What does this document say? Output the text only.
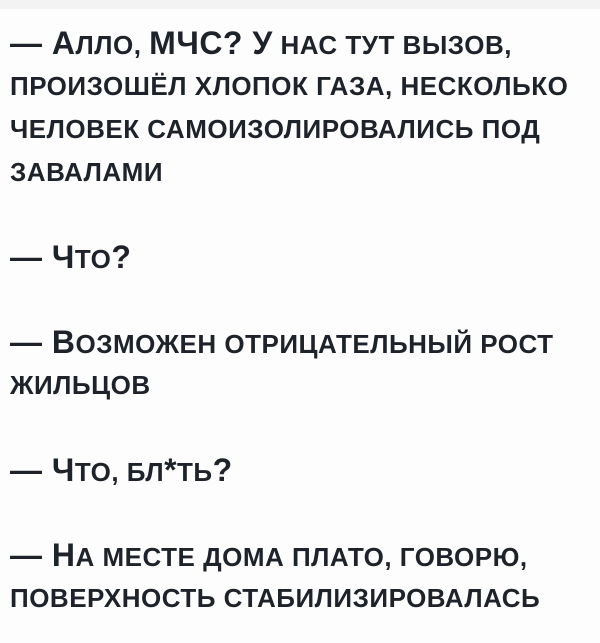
— АЛЛО, МЧС? У НАС ТУТ ВЫЗОВ,
ПРОИЗОШЁЛ ХЛОПОК ГАЗА, НЕСКОЛЬКО
ЧЕЛОВЕК САМОИЗОЛИРОВАЛИСЬ ПОД
ЗАВАЛАМИ
— ЧТО?
— ВОЗМОЖЕН ОТРИЦАТЕЛЬНЫЙ РОСТ
ЖИЛЬЦОВ
— ЧТО, БЛ*ТЬ?
— НА МЕСТЕ ДОМА ПЛАТО, ГОВОРЮ,
ПОВЕРХНОСТЬ СТАБИЛИЗИРОВАЛАСЬ
